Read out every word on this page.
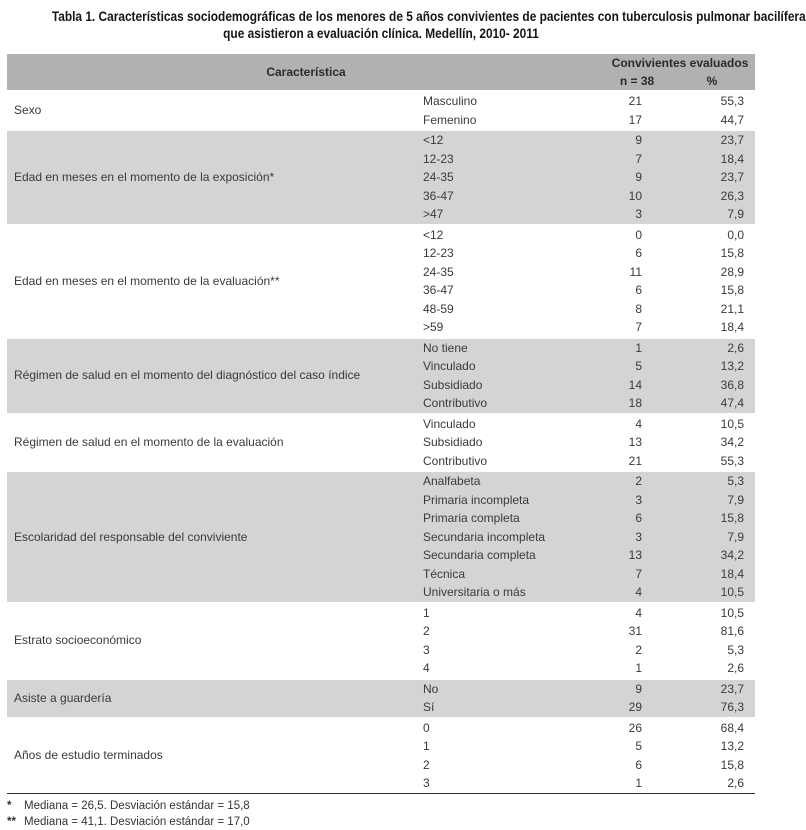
Tabla 1. Características sociodemográficas de los menores de 5 años convivientes de pacientes con tuberculosis pulmonar bacilífera
que asistieron a evaluación clínica. Medellín, 2010- 2011
Característica		Convivientes evaluados	
		n = 38	%
Sexo	Masculino	21	55,3
	Femenino	17	44,7
Edad en meses en el momento de la exposición*	<12	9	23,7
	12-23	7	18,4
	24-35	9	23,7
	36-47	10	26,3
	>47	3	7,9
Edad en meses en el momento de la evaluación**	<12	0	0,0
	12-23	6	15,8
	24-35	11	28,9
	36-47	6	15,8
	48-59	8	21,1
	>59	7	18,4
Régimen de salud en el momento del diagnóstico del caso índice	No tiene	1	2,6
	Vinculado	5	13,2
	Subsidiado	14	36,8
	Contributivo	18	47,4
Régimen de salud en el momento de la evaluación	Vinculado	4	10,5
	Subsidiado	13	34,2
	Contributivo	21	55,3
Escolaridad del responsable del conviviente	Analfabeta	2	5,3
	Primaria incompleta	3	7,9
	Primaria completa	6	15,8
	Secundaria incompleta	3	7,9
	Secundaria completa	13	34,2
	Técnica	7	18,4
	Universitaria o más	4	10,5
Estrato socioeconómico	1	4	10,5
	2	31	81,6
	3	2	5,3
	4	1	2,6
Asiste a guardería	No	9	23,7
	Sí	29	76,3
Años de estudio terminados	0	26	68,4
	1	5	13,2
	2	6	15,8
	3	1	2,6
*	Mediana = 26,5. Desviación estándar = 15,8
** Mediana = 41,1. Desviación estándar = 17,0
